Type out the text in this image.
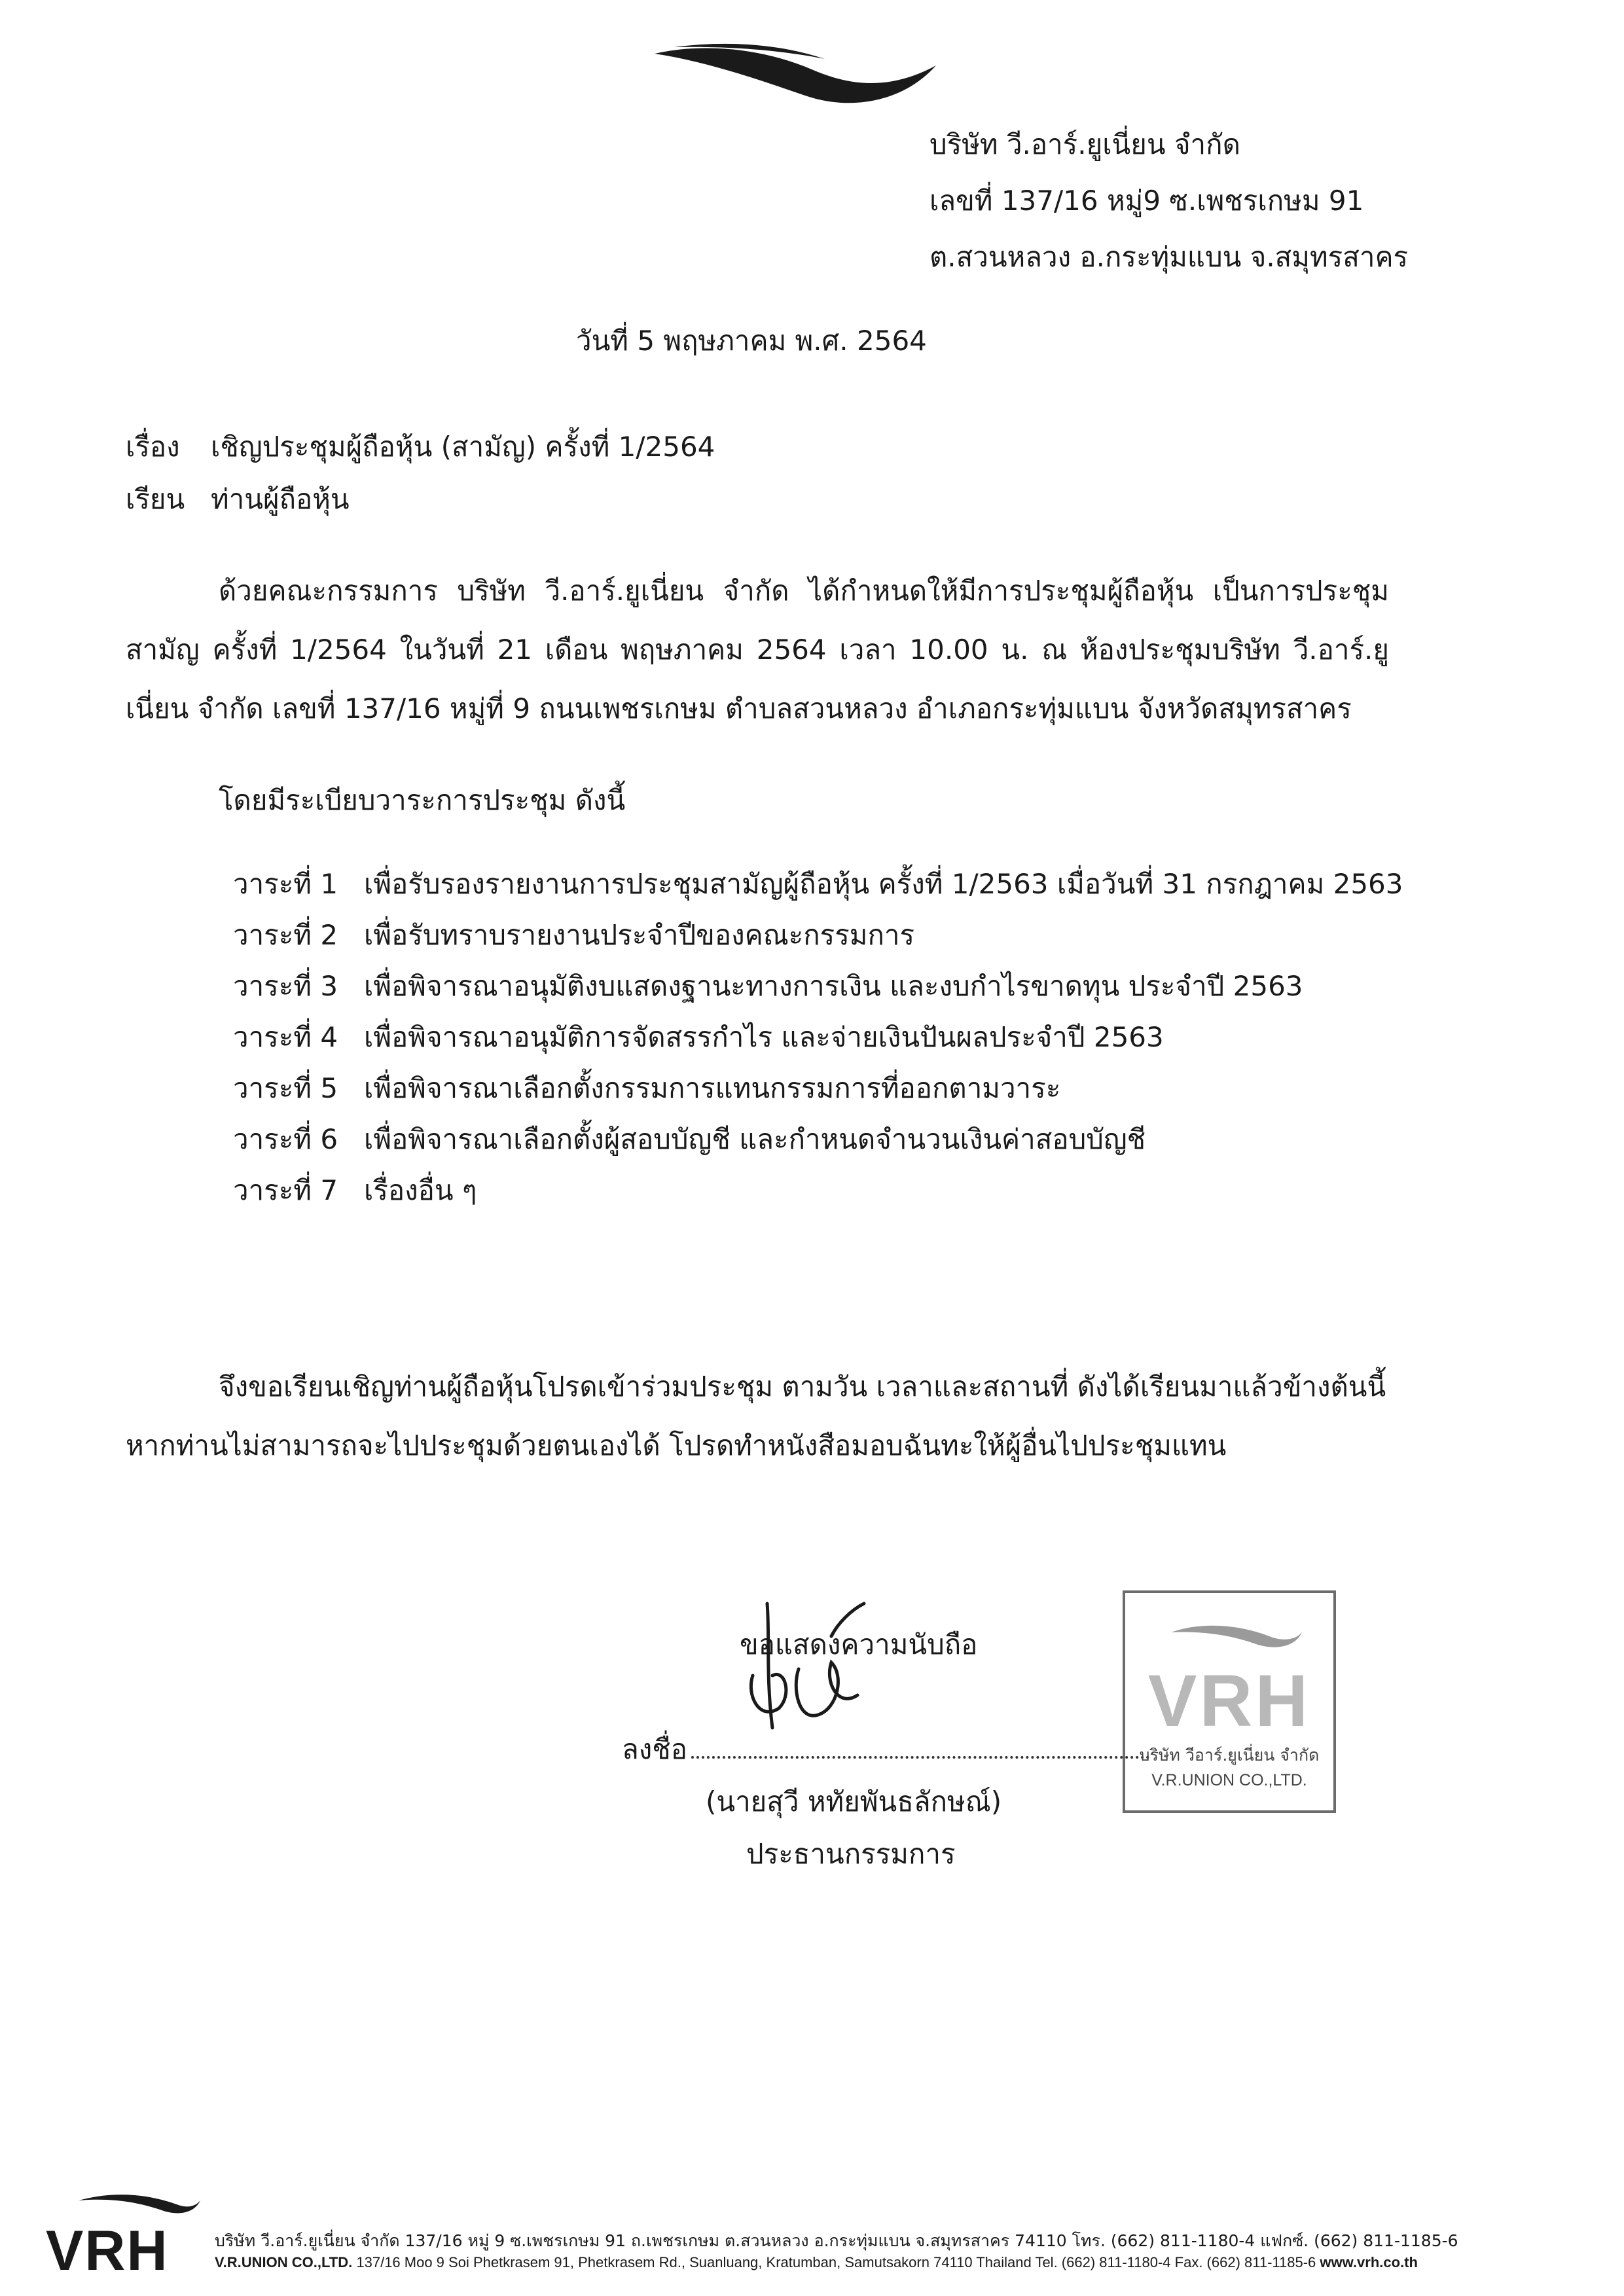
บริษัท วี.อาร์.ยูเนี่ยน จำกัด
เลขที่ 137/16 หมู่9 ซ.เพชรเกษม 91
ต.สวนหลวง อ.กระทุ่มแบน จ.สมุทรสาคร
วันที่ 5 พฤษภาคม พ.ศ. 2564
เรื่อง เชิญประชุมผู้ถือหุ้น (สามัญ) ครั้งที่ 1/2564
เรียน ท่านผู้ถือหุ้น
ด้วยคณะกรรมการ บริษัท วี.อาร์.ยูเนี่ยน จำกัด ได้กำหนดให้มีการประชุมผู้ถือหุ้น เป็นการประชุมสามัญ ครั้งที่ 1/2564 ในวันที่ 21 เดือน พฤษภาคม 2564 เวลา 10.00 น. ณ ห้องประชุมบริษัท วี.อาร์.ยูเนี่ยน จำกัด เลขที่ 137/16 หมู่ที่ 9 ถนนเพชรเกษม ตำบลสวนหลวง อำเภอกระทุ่มแบน จังหวัดสมุทรสาคร
โดยมีระเบียบวาระการประชุม ดังนี้
วาระที่ 1 เพื่อรับรองรายงานการประชุมสามัญผู้ถือหุ้น ครั้งที่ 1/2563 เมื่อวันที่ 31 กรกฎาคม 2563
วาระที่ 2 เพื่อรับทราบรายงานประจำปีของคณะกรรมการ
วาระที่ 3 เพื่อพิจารณาอนุมัติงบแสดงฐานะทางการเงิน และงบกำไรขาดทุน ประจำปี 2563
วาระที่ 4 เพื่อพิจารณาอนุมัติการจัดสรรกำไร และจ่ายเงินปันผลประจำปี 2563
วาระที่ 5 เพื่อพิจารณาเลือกตั้งกรรมการแทนกรรมการที่ออกตามวาระ
วาระที่ 6 เพื่อพิจารณาเลือกตั้งผู้สอบบัญชี และกำหนดจำนวนเงินค่าสอบบัญชี
วาระที่ 7 เรื่องอื่น ๆ
จึงขอเรียนเชิญท่านผู้ถือหุ้นโปรดเข้าร่วมประชุม ตามวัน เวลาและสถานที่ ดังได้เรียนมาแล้วข้างต้นนี้ หากท่านไม่สามารถจะไปประชุมด้วยตนเองได้ โปรดทำหนังสือมอบฉันทะให้ผู้อื่นไปประชุมแทน
ขอแสดงความนับถือ
ลงชื่อ
(นายสุวี หทัยพันธลักษณ์)
ประธานกรรมการ
VRH
บริษัท วีอาร์.ยูเนี่ยน จำกัด
V.R.UNION CO.,LTD.
VRH	บริษัท วี.อาร์.ยูเนี่ยน จำกัด 137/16 หมู่ 9 ซ.เพชรเกษม 91 ถ.เพชรเกษม ต.สวนหลวง อ.กระทุ่มแบน จ.สมุทรสาคร 74110 โทร. (662) 811-1180-4 แฟกซ์. (662) 811-1185-6
V.R.UNION CO.,LTD. 137/16 Moo 9 Soi Phetkrasem 91, Phetkrasem Rd., Suanluang, Kratumban, Samutsakorn 74110 Thailand Tel. (662) 811-1180-4 Fax. (662) 811-1185-6 www.vrh.co.th
